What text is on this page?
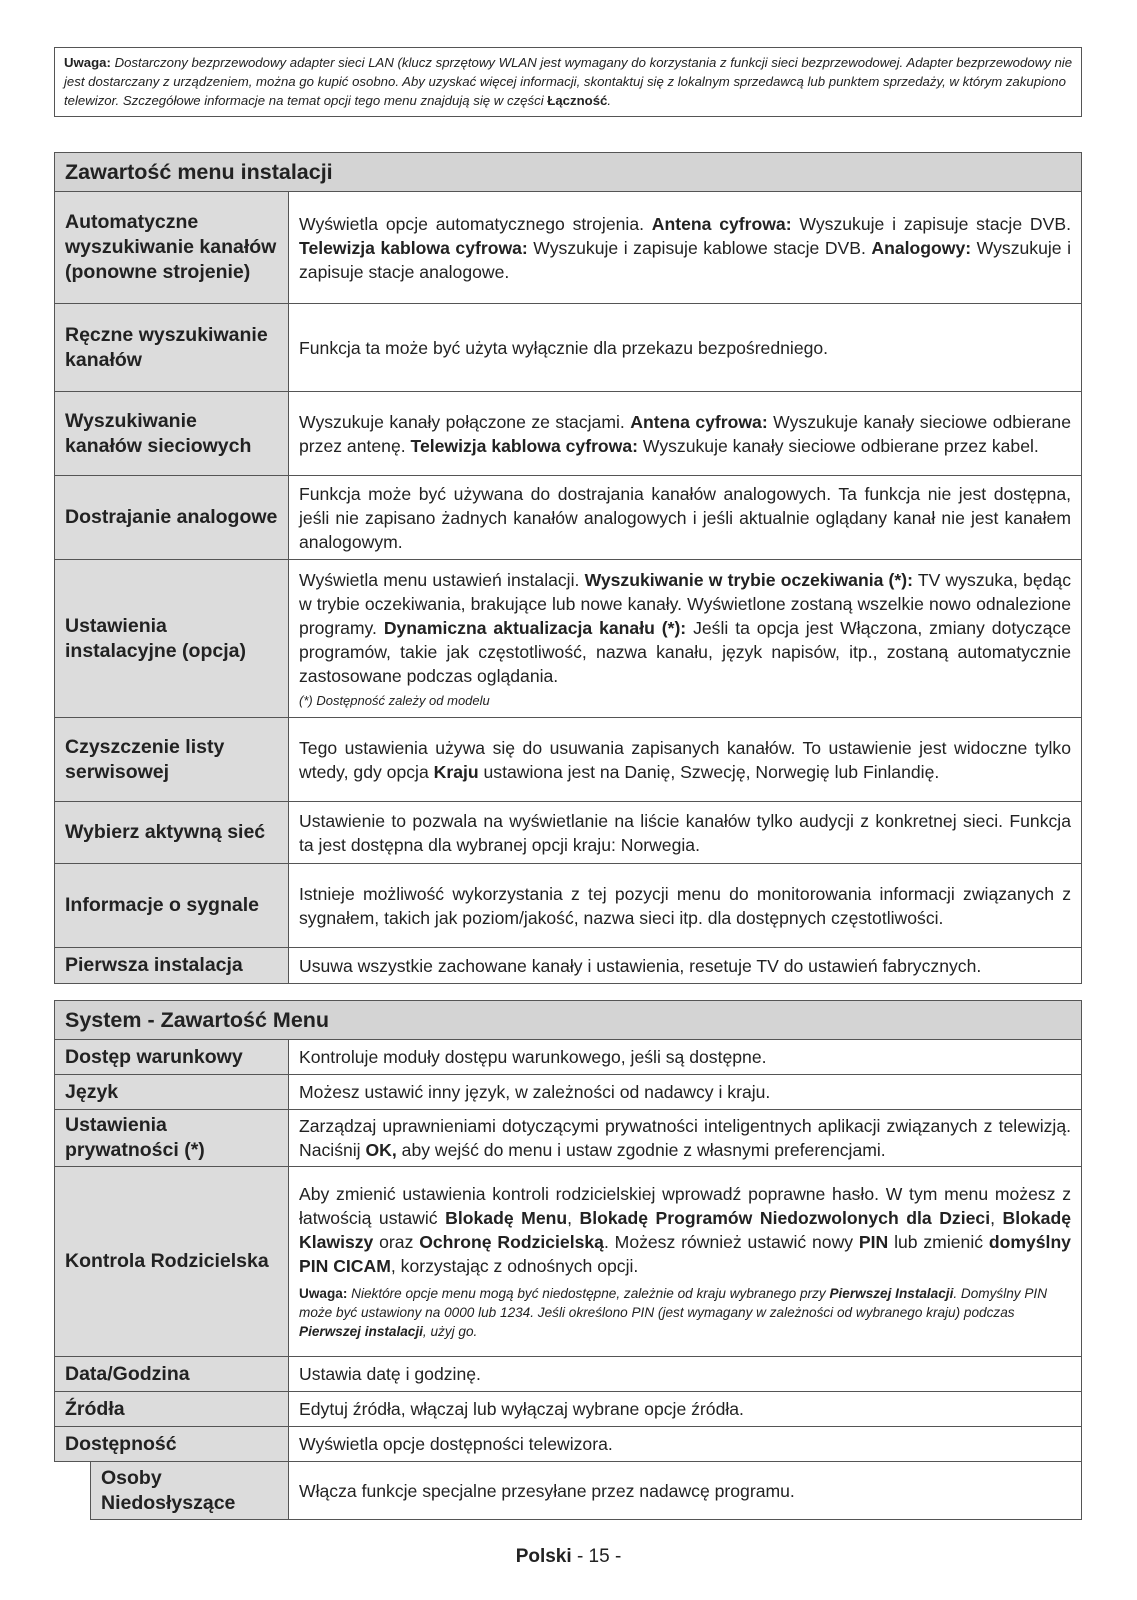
Uwaga: Dostarczony bezprzewodowy adapter sieci LAN (klucz sprzętowy WLAN jest wymagany do korzystania z funkcji sieci bezprzewodowej. Adapter bezprzewodowy nie jest dostarczany z urządzeniem, można go kupić osobno. Aby uzyskać więcej informacji, skontaktuj się z lokalnym sprzedawcą lub punktem sprzedaży, w którym zakupiono telewizor. Szczegółowe informacje na temat opcji tego menu znajdują się w części Łączność.
Zawartość menu instalacji	
Automatyczne wyszukiwanie kanałów (ponowne strojenie)	Wyświetla opcje automatycznego strojenia. Antena cyfrowa: Wyszukuje i zapisuje stacje DVB. Telewizja kablowa cyfrowa: Wyszukuje i zapisuje kablowe stacje DVB. Analogowy: Wyszukuje i zapisuje stacje analogowe.
Ręczne wyszukiwanie kanałów	Funkcja ta może być użyta wyłącznie dla przekazu bezpośredniego.
Wyszukiwanie kanałów sieciowych	Wyszukuje kanały połączone ze stacjami. Antena cyfrowa: Wyszukuje kanały sieciowe odbierane przez antenę. Telewizja kablowa cyfrowa: Wyszukuje kanały sieciowe odbierane przez kabel.
Dostrajanie analogowe	Funkcja może być używana do dostrajania kanałów analogowych. Ta funkcja nie jest dostępna, jeśli nie zapisano żadnych kanałów analogowych i jeśli aktualnie oglądany kanał nie jest kanałem analogowym.
Ustawienia instalacyjne (opcja)	Wyświetla menu ustawień instalacji. Wyszukiwanie w trybie oczekiwania (*): TV wyszuka, będąc w trybie oczekiwania, brakujące lub nowe kanały. Wyświetlone zostaną wszelkie nowo odnalezione programy. Dynamiczna aktualizacja kanału (*): Jeśli ta opcja jest Włączona, zmiany dotyczące programów, takie jak częstotliwość, nazwa kanału, język napisów, itp., zostaną automatycznie zastosowane podczas oglądania.
(*) Dostępność zależy od modelu

Czyszczenie listy serwisowej	Tego ustawienia używa się do usuwania zapisanych kanałów. To ustawienie jest widoczne tylko wtedy, gdy opcja Kraju ustawiona jest na Danię, Szwecję, Norwegię lub Finlandię.
Wybierz aktywną sieć	Ustawienie to pozwala na wyświetlanie na liście kanałów tylko audycji z konkretnej sieci. Funkcja ta jest dostępna dla wybranej opcji kraju: Norwegia.
Informacje o sygnale	Istnieje możliwość wykorzystania z tej pozycji menu do monitorowania informacji związanych z sygnałem, takich jak poziom/jakość, nazwa sieci itp. dla dostępnych częstotliwości.
Pierwsza instalacja	Usuwa wszystkie zachowane kanały i ustawienia, resetuje TV do ustawień fabrycznych.
System - Zawartość Menu		
Dostęp warunkowy		Kontroluje moduły dostępu warunkowego, jeśli są dostępne.
Język		Możesz ustawić inny język, w zależności od nadawcy i kraju.
Ustawienia prywatności (*)		Zarządzaj uprawnieniami dotyczącymi prywatności inteligentnych aplikacji związanych z telewizją. Naciśnij OK, aby wejść do menu i ustaw zgodnie z własnymi preferencjami.
Kontrola Rodzicielska		Aby zmienić ustawienia kontroli rodzicielskiej wprowadź poprawne hasło. W tym menu możesz z łatwością ustawić Blokadę Menu, Blokadę Programów Niedozwolonych dla Dzieci, Blokadę Klawiszy oraz Ochronę Rodzicielską. Możesz również ustawić nowy PIN lub zmienić domyślny PIN CICAM, korzystając z odnośnych opcji.
Uwaga: Niektóre opcje menu mogą być niedostępne, zależnie od kraju wybranego przy Pierwszej Instalacji. Domyślny PIN może być ustawiony na 0000 lub 1234. Jeśli określono PIN (jest wymagany w zależności od wybranego kraju) podczas Pierwszej instalacji, użyj go.

Data/Godzina		Ustawia datę i godzinę.
Źródła		Edytuj źródła, włączaj lub wyłączaj wybrane opcje źródła.
Dostępność		Wyświetla opcje dostępności telewizora.
	Osoby Niedosłyszące	Włącza funkcje specjalne przesyłane przez nadawcę programu.
Polski - 15 -
